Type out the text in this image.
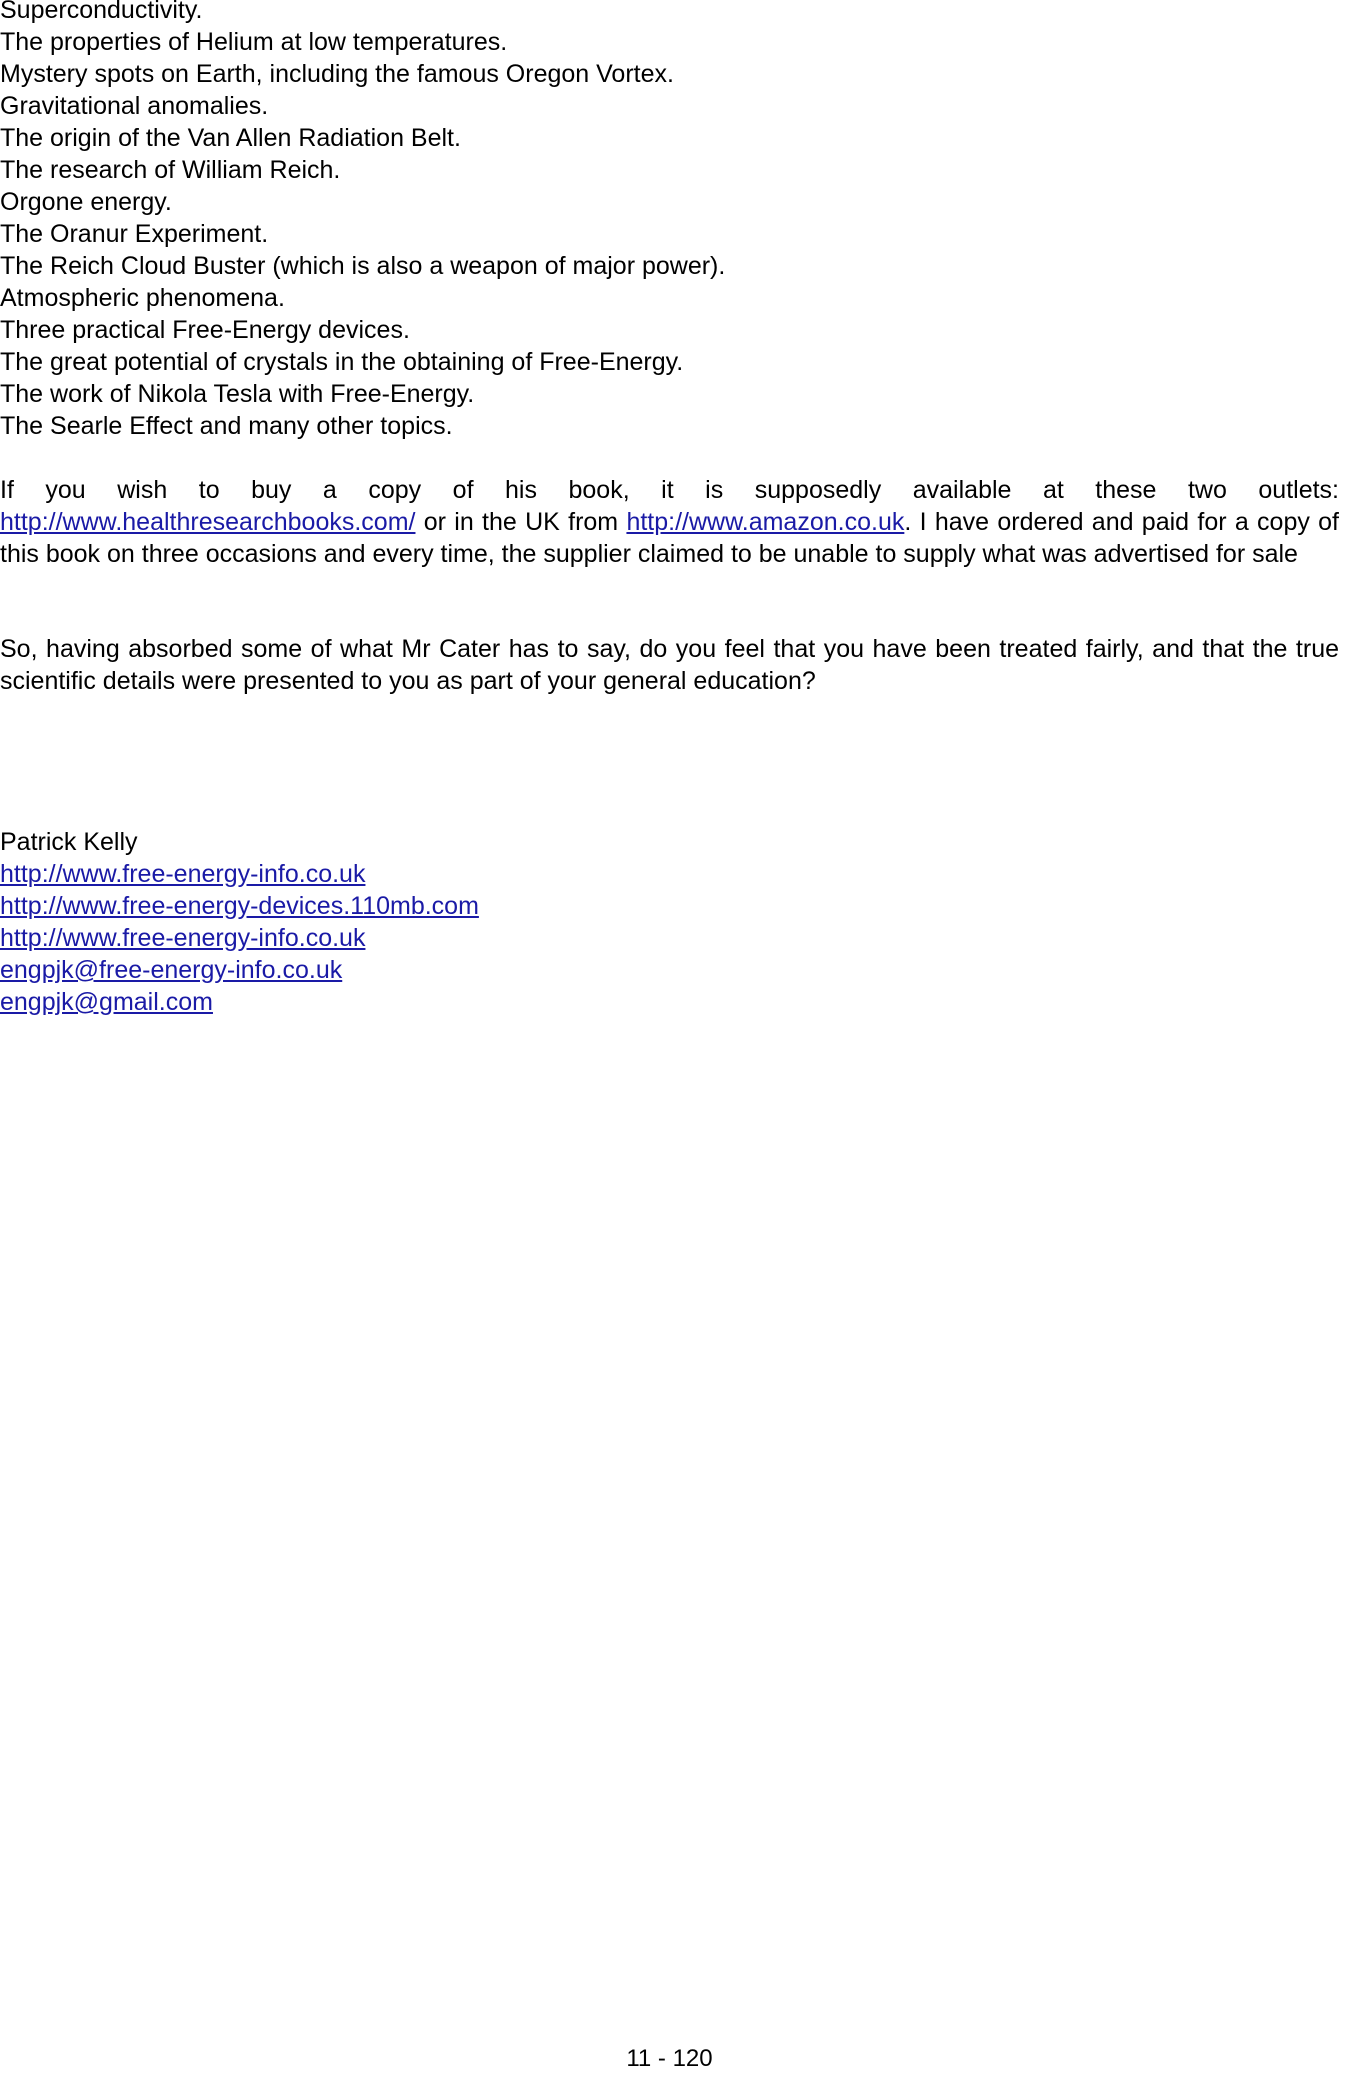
Superconductivity.
The properties of Helium at low temperatures.
Mystery spots on Earth, including the famous Oregon Vortex.
Gravitational anomalies.
The origin of the Van Allen Radiation Belt.
The research of William Reich.
Orgone energy.
The Oranur Experiment.
The Reich Cloud Buster (which is also a weapon of major power).
Atmospheric phenomena.
Three practical Free-Energy devices.
The great potential of crystals in the obtaining of Free-Energy.
The work of Nikola Tesla with Free-Energy.
The Searle Effect and many other topics.

If you wish to buy a copy of his book, it is supposedly available at these two outlets: http://www.healthresearchbooks.com/ or in the UK from http://www.amazon.co.uk. I have ordered and paid for a copy of this book on three occasions and every time, the supplier claimed to be unable to supply what was advertised for sale

So, having absorbed some of what Mr Cater has to say, do you feel that you have been treated fairly, and that the true scientific details were presented to you as part of your general education?

Patrick Kelly
http://www.free-energy-info.co.uk
http://www.free-energy-devices.110mb.com
http://www.free-energy-info.co.uk
engpjk@free-energy-info.co.uk
engpjk@gmail.com
11 - 120
